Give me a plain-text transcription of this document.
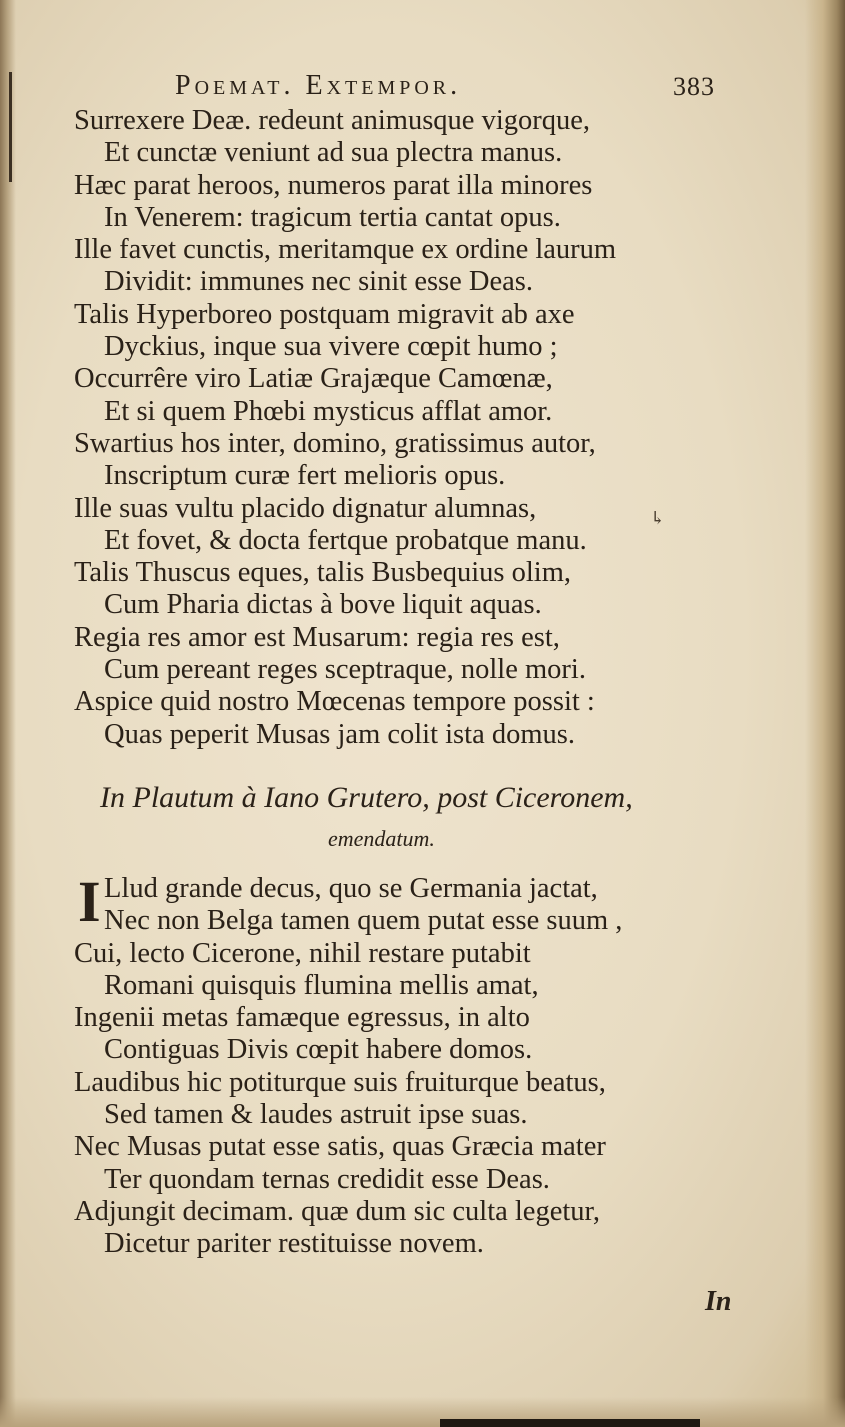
Poemat. Extempor.	383
Surrexere Deæ. redeunt animusque vigorque,
Et cunctæ veniunt ad sua plectra manus.
Hæc parat heroos, numeros parat illa minores
In Venerem: tragicum tertia cantat opus.
Ille favet cunctis, meritamque ex ordine laurum
Dividit: immunes nec sinit esse Deas.
Talis Hyperboreo postquam migravit ab axe
Dyckius, inque sua vivere cœpit humo ;
Occurrêre viro Latiæ Grajæque Camœnæ,
Et si quem Phœbi mysticus afflat amor.
Swartius hos inter, domino, gratissimus autor,
Inscriptum curæ fert melioris opus.
Ille suas vultu placido dignatur alumnas,
Et fovet, & docta fertque probatque manu.
Talis Thuscus eques, talis Busbequius olim,
Cum Pharia dictas à bove liquit aquas.
Regia res amor est Musarum: regia res est,
Cum pereant reges sceptraque, nolle mori.
Aspice quid nostro Mœcenas tempore possit :
Quas peperit Musas jam colit ista domus.
In Plautum à Iano Grutero, post Ciceronem,
emendatum.
I Llud grande decus, quo se Germania jactat,
Nec non Belga tamen quem putat esse suum ,
Cui, lecto Cicerone, nihil restare putabit
Romani quisquis flumina mellis amat,
Ingenii metas famæque egressus, in alto
Contiguas Divis cœpit habere domos.
Laudibus hic potiturque suis fruiturque beatus,
Sed tamen & laudes astruit ipse suas.
Nec Musas putat esse satis, quas Græcia mater
Ter quondam ternas credidit esse Deas.
Adjungit decimam. quæ dum sic culta legetur,
Dicetur pariter restituisse novem.
↳
In
